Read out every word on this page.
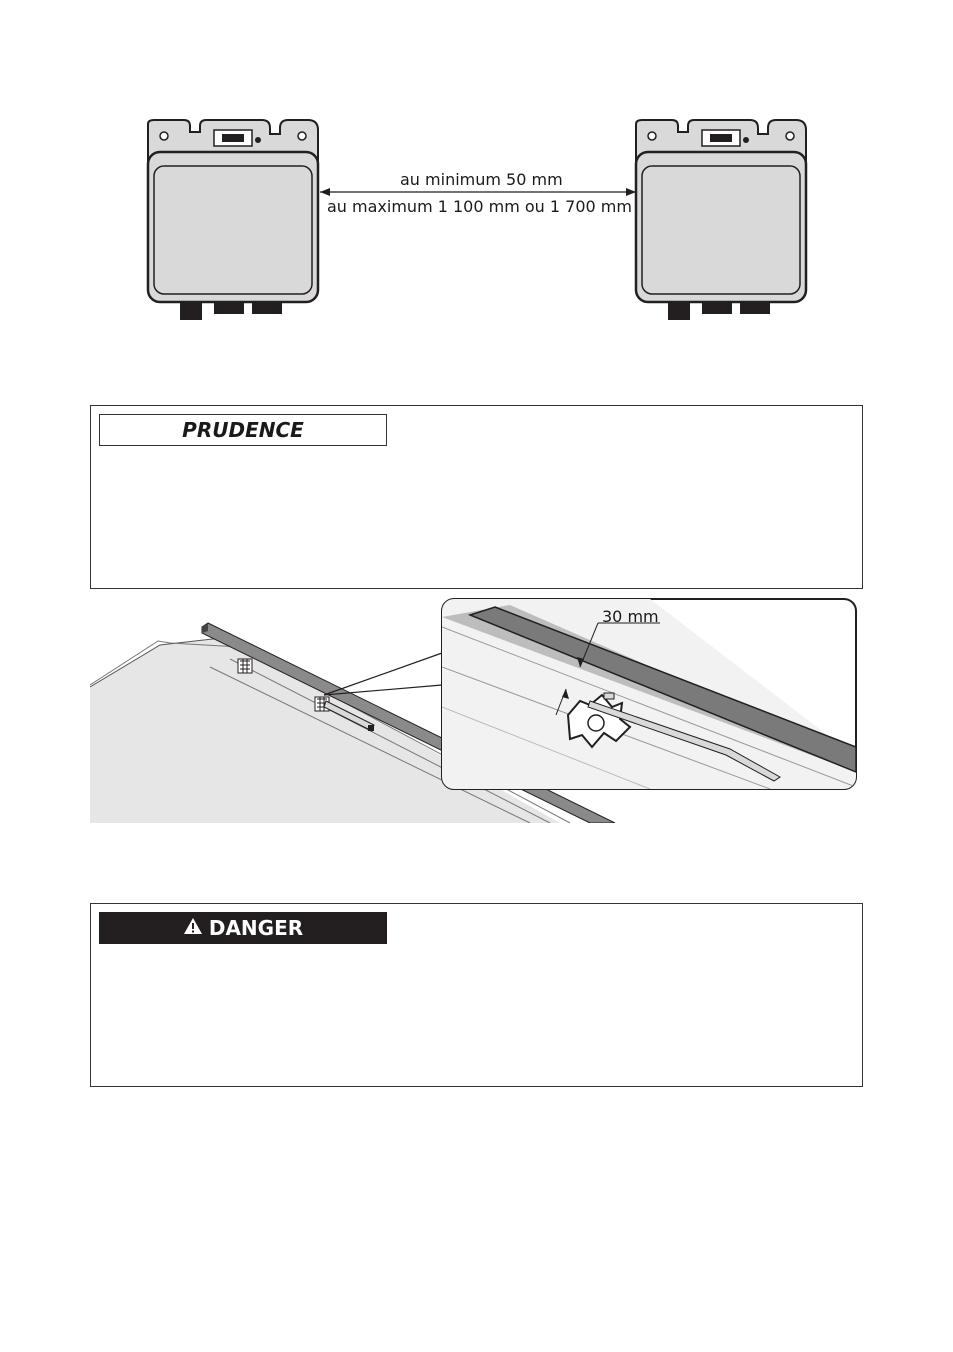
au minimum 50 mm
au maximum 1 100 mm ou 1 700 mm
PRUDENCE
30 mm
DANGER
